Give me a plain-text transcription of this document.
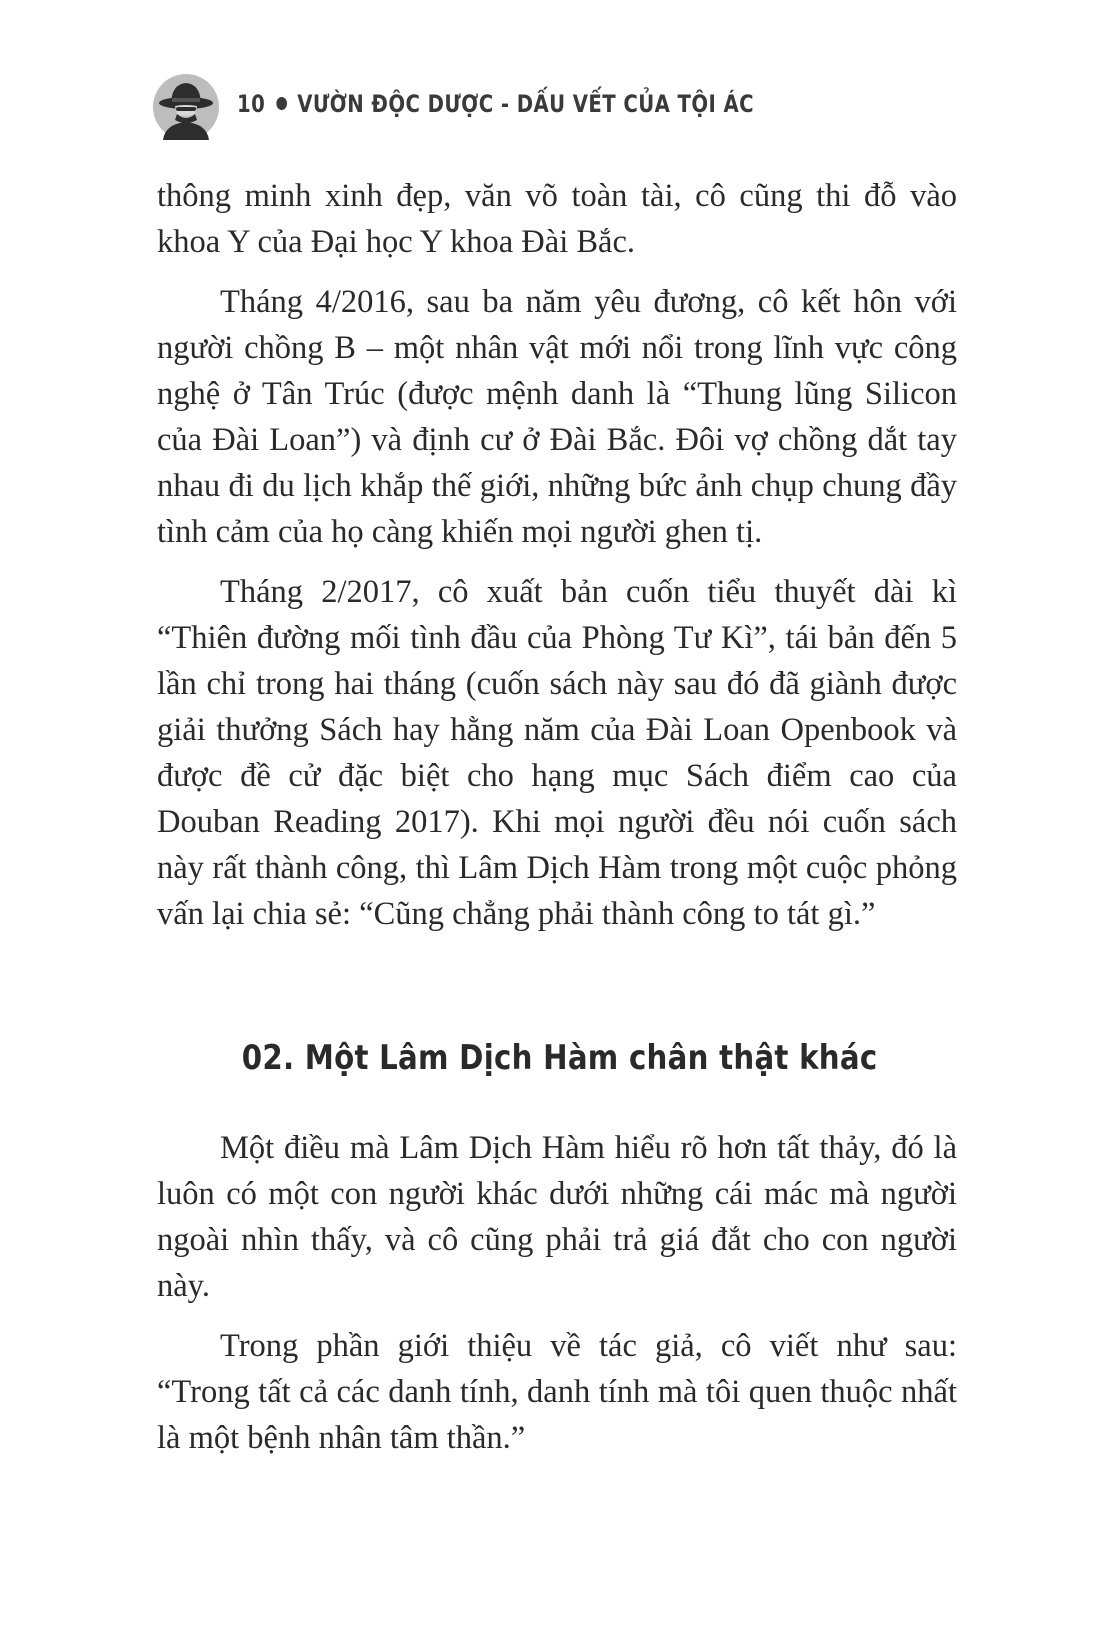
10 VƯỜN ĐỘC DƯỢC - DẤU VẾT CỦA TỘI ÁC

thông minh xinh đẹp, văn võ toàn tài, cô cũng thi đỗ vào khoa Y của Đại học Y khoa Đài Bắc.

Tháng 4/2016, sau ba năm yêu đương, cô kết hôn với người chồng B – một nhân vật mới nổi trong lĩnh vực công nghệ ở Tân Trúc (được mệnh danh là “Thung lũng Silicon của Đài Loan”) và định cư ở Đài Bắc. Đôi vợ chồng dắt tay nhau đi du lịch khắp thế giới, những bức ảnh chụp chung đầy tình cảm của họ càng khiến mọi người ghen tị.

Tháng 2/2017, cô xuất bản cuốn tiểu thuyết dài kì “Thiên đường mối tình đầu của Phòng Tư Kì”, tái bản đến 5 lần chỉ trong hai tháng (cuốn sách này sau đó đã giành được giải thưởng Sách hay hằng năm của Đài Loan Openbook và được đề cử đặc biệt cho hạng mục Sách điểm cao của Douban Reading 2017). Khi mọi người đều nói cuốn sách này rất thành công, thì Lâm Dịch Hàm trong một cuộc phỏng vấn lại chia sẻ: “Cũng chẳng phải thành công to tát gì.”

02. Một Lâm Dịch Hàm chân thật khác

Một điều mà Lâm Dịch Hàm hiểu rõ hơn tất thảy, đó là luôn có một con người khác dưới những cái mác mà người ngoài nhìn thấy, và cô cũng phải trả giá đắt cho con người này.

Trong phần giới thiệu về tác giả, cô viết như sau: “Trong tất cả các danh tính, danh tính mà tôi quen thuộc nhất là một bệnh nhân tâm thần.”
